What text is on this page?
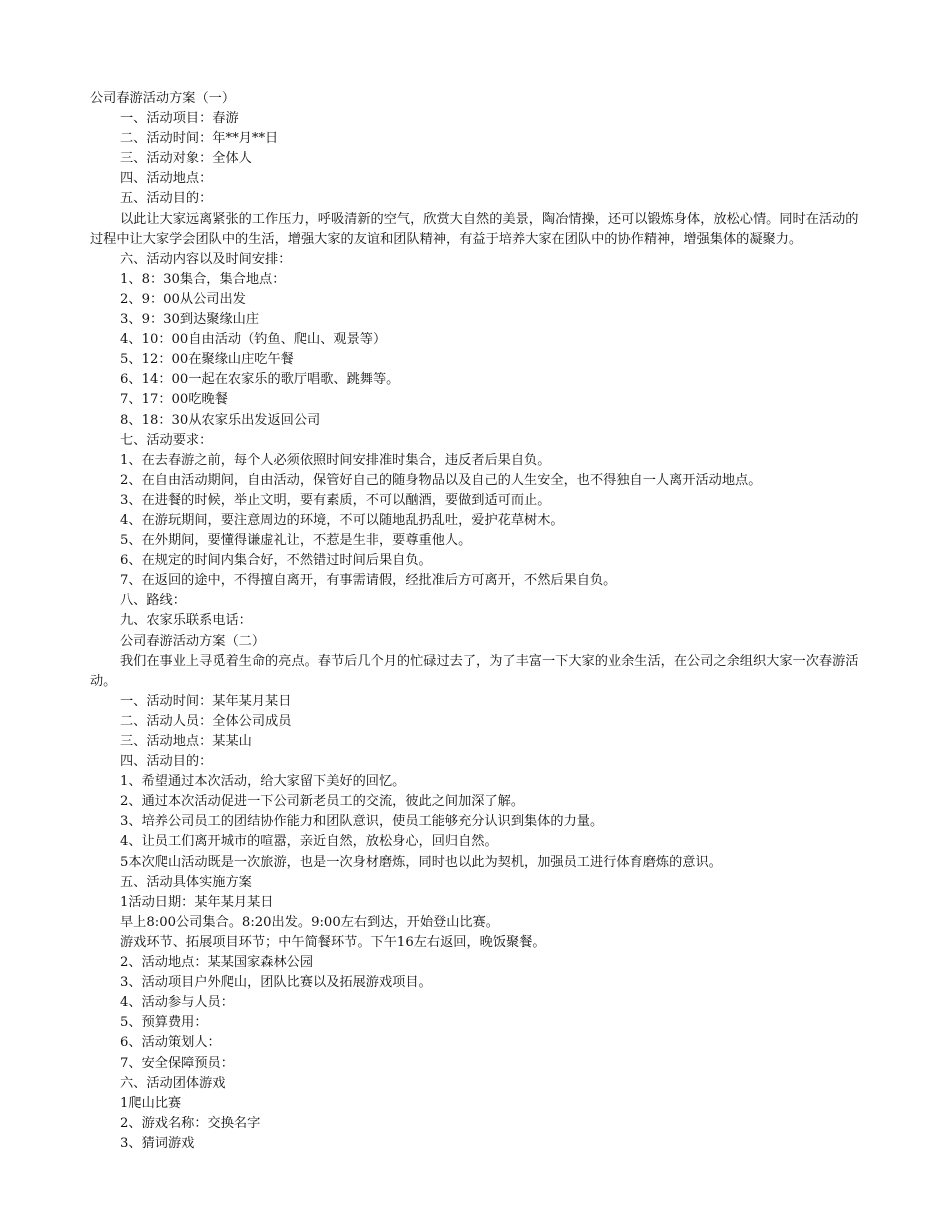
公司春游活动方案（一）

一、活动项目：春游

二、活动时间：年**月**日

三、活动对象：全体人

四、活动地点：

五、活动目的：

以此让大家远离紧张的工作压力，呼吸清新的空气，欣赏大自然的美景，陶冶情操，还可以锻炼身体，放松心情。同时在活动的过程中让大家学会团队中的生活，增强大家的友谊和团队精神，有益于培养大家在团队中的协作精神，增强集体的凝聚力。

六、活动内容以及时间安排：

1、8：30集合，集合地点：

2、9：00从公司出发

3、9：30到达聚缘山庄

4、10：00自由活动（钓鱼、爬山、观景等）

5、12：00在聚缘山庄吃午餐

6、14：00一起在农家乐的歌厅唱歌、跳舞等。

7、17：00吃晚餐

8、18：30从农家乐出发返回公司

七、活动要求：

1、在去春游之前，每个人必须依照时间安排准时集合，违反者后果自负。

2、在自由活动期间，自由活动，保管好自己的随身物品以及自己的人生安全，也不得独自一人离开活动地点。

3、在进餐的时候，举止文明，要有素质，不可以酗酒，要做到适可而止。

4、在游玩期间，要注意周边的环境，不可以随地乱扔乱吐，爱护花草树木。

5、在外期间，要懂得谦虚礼让，不惹是生非，要尊重他人。

6、在规定的时间内集合好，不然错过时间后果自负。

7、在返回的途中，不得擅自离开，有事需请假，经批准后方可离开，不然后果自负。

八、路线：

九、农家乐联系电话：

公司春游活动方案（二）

我们在事业上寻觅着生命的亮点。春节后几个月的忙碌过去了，为了丰富一下大家的业余生活，在公司之余组织大家一次春游活动。

一、活动时间：某年某月某日

二、活动人员：全体公司成员

三、活动地点：某某山

四、活动目的：

1、希望通过本次活动，给大家留下美好的回忆。

2、通过本次活动促进一下公司新老员工的交流，彼此之间加深了解。

3、培养公司员工的团结协作能力和团队意识，使员工能够充分认识到集体的力量。

4、让员工们离开城市的喧嚣，亲近自然，放松身心，回归自然。

5本次爬山活动既是一次旅游，也是一次身材磨炼，同时也以此为契机，加强员工进行体育磨炼的意识。

五、活动具体实施方案

1活动日期：某年某月某日

早上8:00公司集合。8:20出发。9:00左右到达，开始登山比赛。

游戏环节、拓展项目环节；中午简餐环节。下午16左右返回，晚饭聚餐。

2、活动地点：某某国家森林公园

3、活动项目户外爬山，团队比赛以及拓展游戏项目。

4、活动参与人员：

5、预算费用：

6、活动策划人：

7、安全保障预员：

六、活动团体游戏

1爬山比赛

2、游戏名称：交换名字

3、猜词游戏
